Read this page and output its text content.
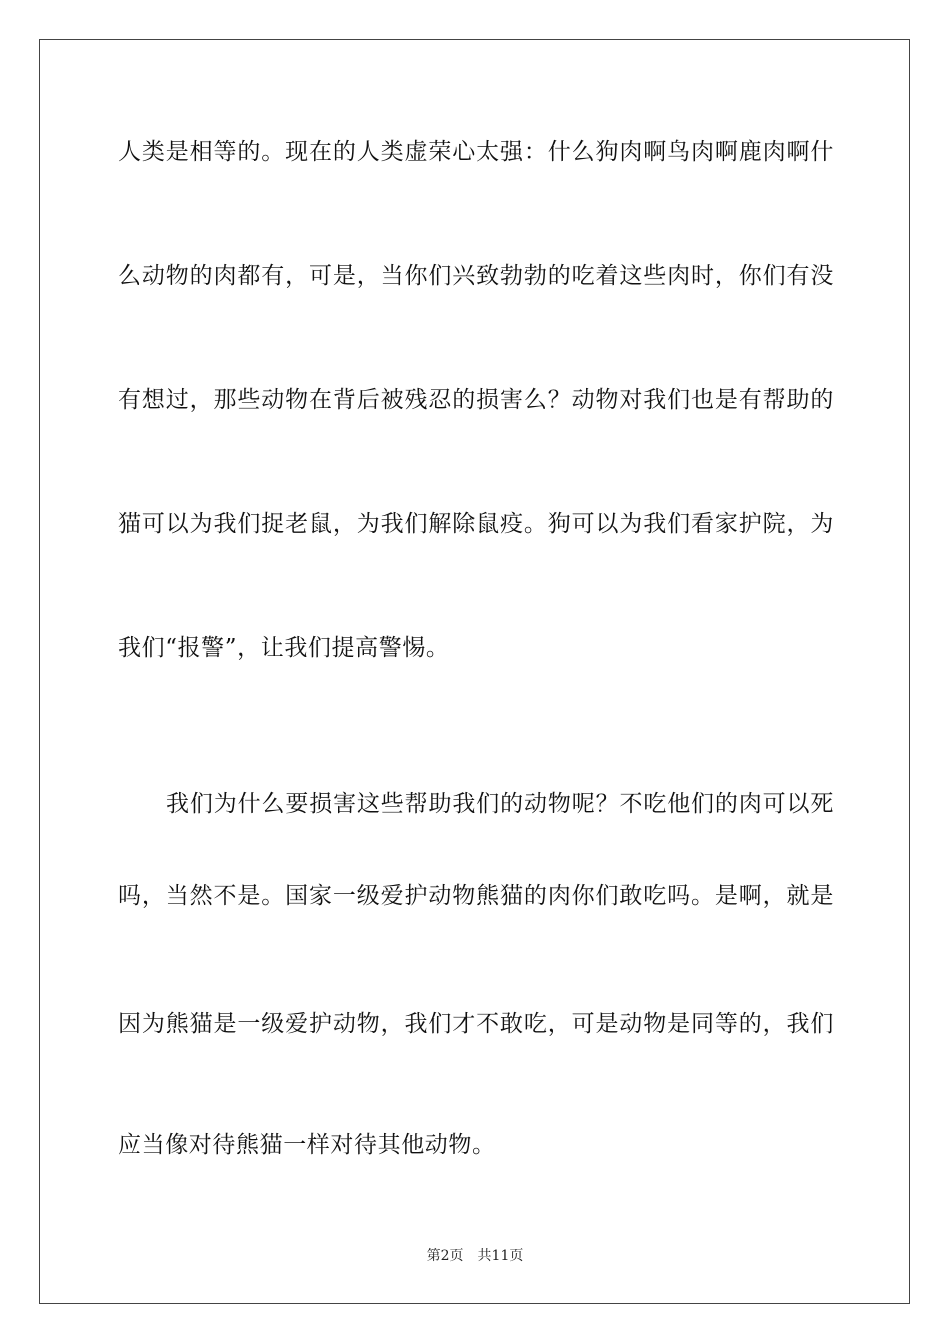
人类是相等的。现在的人类虚荣心太强：什么狗肉啊鸟肉啊鹿肉啊什
么动物的肉都有，可是，当你们兴致勃勃的吃着这些肉时，你们有没
有想过，那些动物在背后被残忍的损害么？动物对我们也是有帮助的
猫可以为我们捉老鼠，为我们解除鼠疫。狗可以为我们看家护院，为
我们“报警”，让我们提高警惕。
我们为什么要损害这些帮助我们的动物呢？不吃他们的肉可以死
吗，当然不是。国家一级爱护动物熊猫的肉你们敢吃吗。是啊，就是
因为熊猫是一级爱护动物，我们才不敢吃，可是动物是同等的，我们
应当像对待熊猫一样对待其他动物。
第2页 共11页
